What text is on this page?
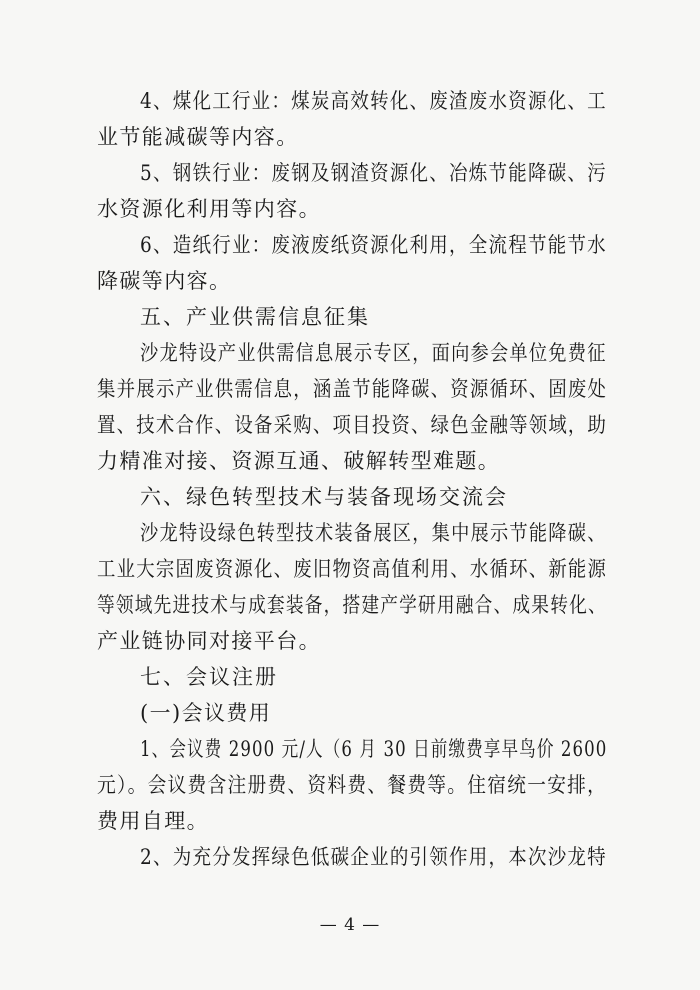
4、煤化工行业：煤炭高效转化、废渣废水资源化、工
业节能减碳等内容。
5、钢铁行业：废钢及钢渣资源化、冶炼节能降碳、污
水资源化利用等内容。
6、造纸行业：废液废纸资源化利用，全流程节能节水
降碳等内容。
五、产业供需信息征集
沙龙特设产业供需信息展示专区，面向参会单位免费征
集并展示产业供需信息，涵盖节能降碳、资源循环、固废处
置、技术合作、设备采购、项目投资、绿色金融等领域，助
力精准对接、资源互通、破解转型难题。
六、绿色转型技术与装备现场交流会
沙龙特设绿色转型技术装备展区，集中展示节能降碳、
工业大宗固废资源化、废旧物资高值利用、水循环、新能源
等领域先进技术与成套装备，搭建产学研用融合、成果转化、
产业链协同对接平台。
七、会议注册
(一)会议费用
1、会议费 2900 元/人（6 月 30 日前缴费享早鸟价 2600
元）。会议费含注册费、资料费、餐费等。住宿统一安排，
费用自理。
2、为充分发挥绿色低碳企业的引领作用，本次沙龙特
— 4 —
